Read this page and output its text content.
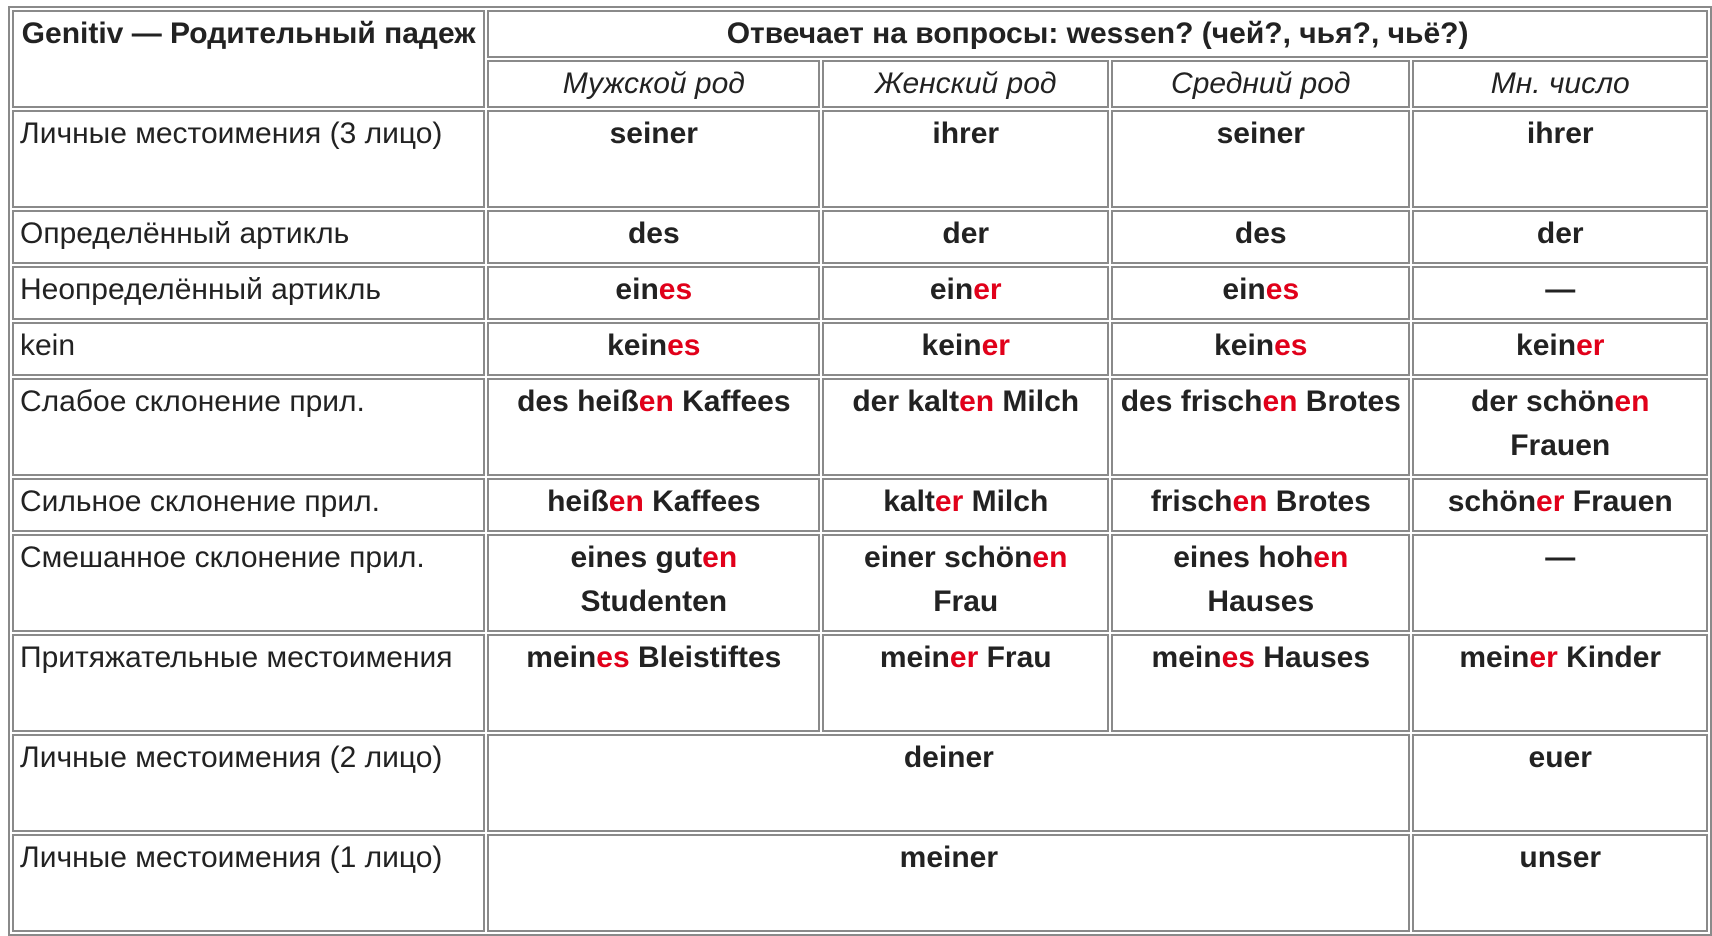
Genitiv — Родительный падеж	Отвечает на вопросы: wessen? (чей?, чья?, чьё?)			
	Мужской род	Женский род	Средний род	Мн. число
Личные местоимения (3 лицо)	seiner	ihrer	seiner	ihrer
Определённый артикль	des	der	des	der
Неопределённый артикль	eines	einer	eines	—
kein	keines	keiner	keines	keiner
Слабое склонение прил.	des heißen Kaffees	der kalten Milch	des frischen Brotes	der schönen Frauen
Сильное склонение прил.	heißen Kaffees	kalter Milch	frischen Brotes	schöner Frauen
Смешанное склонение прил.	eines guten Studenten	einer schönen Frau	eines hohen Hauses	—
Притяжательные местоимения	meines Bleistiftes	meiner Frau	meines Hauses	meiner Kinder
Личные местоимения (2 лицо)	deiner			euer
Личные местоимения (1 лицо)	meiner			unser
